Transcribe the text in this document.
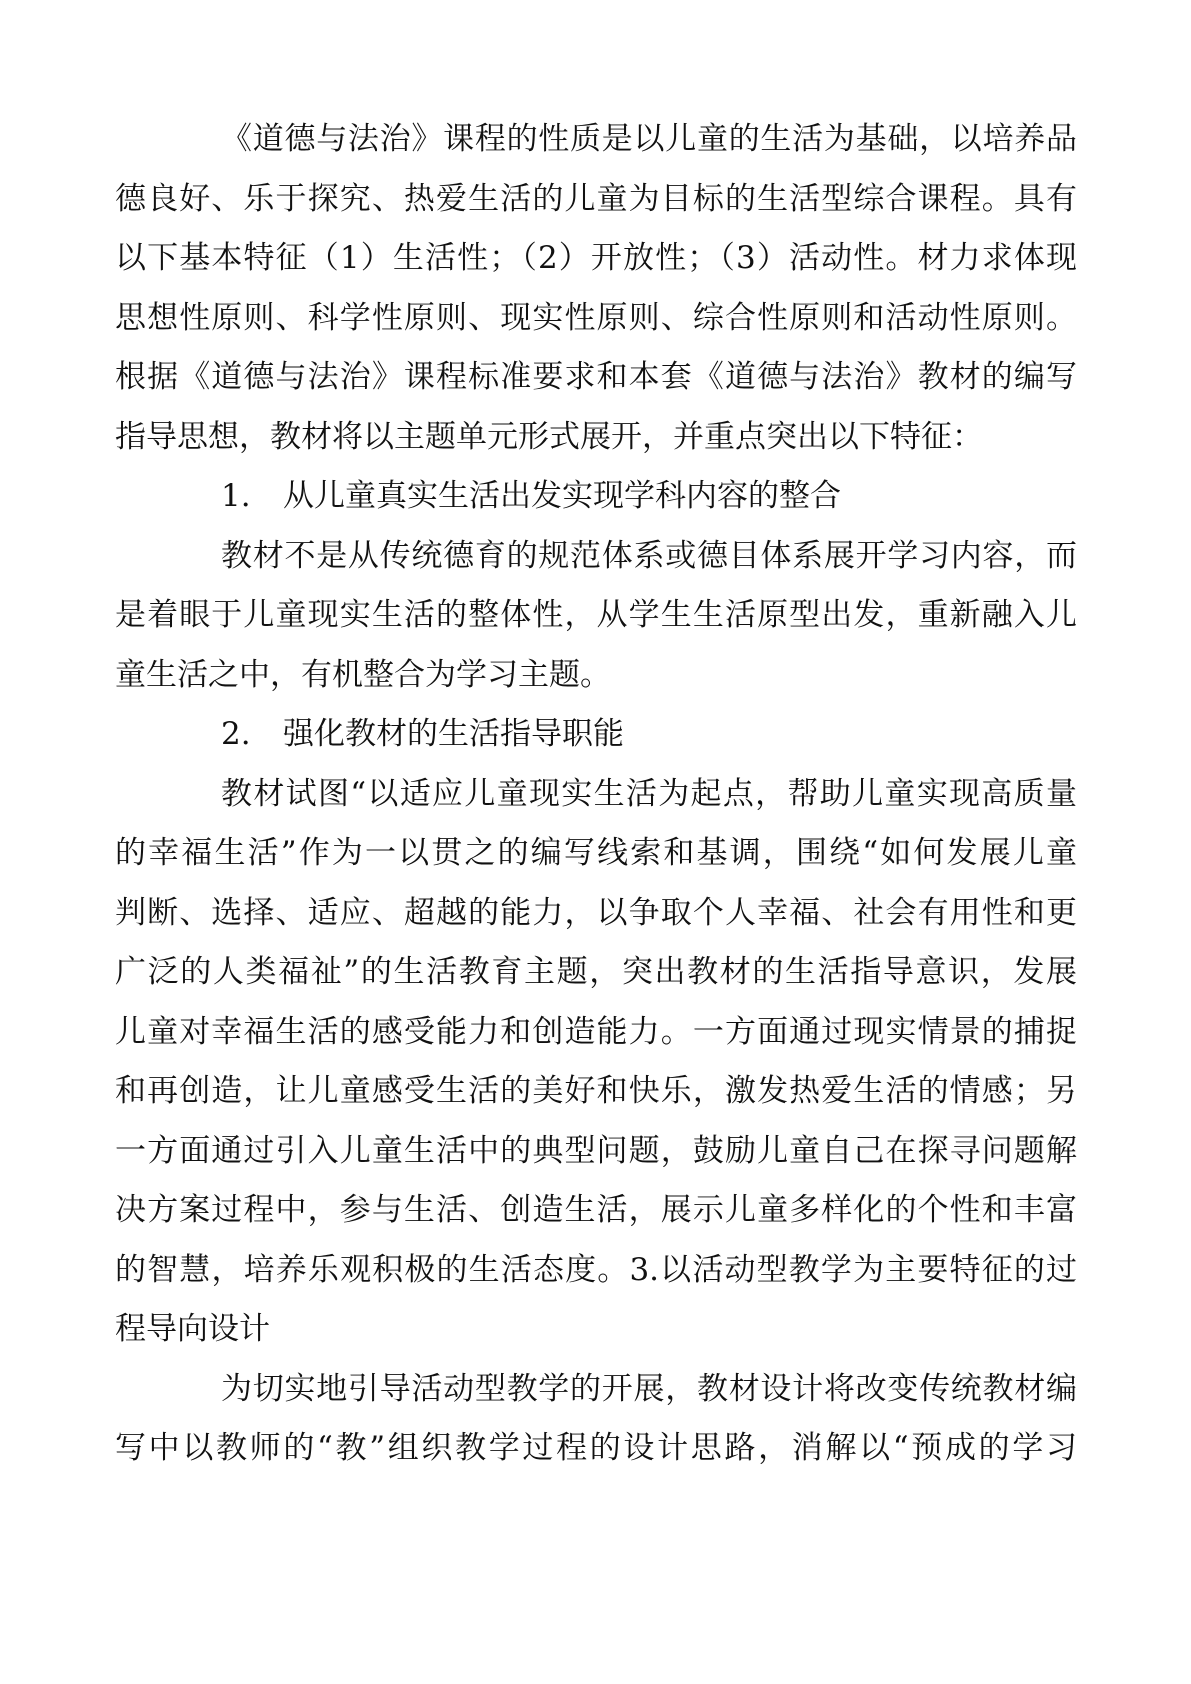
《道德与法治》课程的性质是以儿童的生活为基础，以培养品
德良好、乐于探究、热爱生活的儿童为目标的生活型综合课程。具有
以下基本特征（1）生活性；（2）开放性；（3）活动性。材力求体现
思想性原则、科学性原则、现实性原则、综合性原则和活动性原则。
根据《道德与法治》课程标准要求和本套《道德与法治》教材的编写
指导思想，教材将以主题单元形式展开，并重点突出以下特征：
1. 从儿童真实生活出发实现学科内容的整合
教材不是从传统德育的规范体系或德目体系展开学习内容，而
是着眼于儿童现实生活的整体性，从学生生活原型出发，重新融入儿
童生活之中，有机整合为学习主题。
2. 强化教材的生活指导职能
教材试图“以适应儿童现实生活为起点，帮助儿童实现高质量
的幸福生活”作为一以贯之的编写线索和基调，围绕“如何发展儿童
判断、选择、适应、超越的能力，以争取个人幸福、社会有用性和更
广泛的人类福祉”的生活教育主题，突出教材的生活指导意识，发展
儿童对幸福生活的感受能力和创造能力。一方面通过现实情景的捕捉
和再创造，让儿童感受生活的美好和快乐，激发热爱生活的情感；另
一方面通过引入儿童生活中的典型问题，鼓励儿童自己在探寻问题解
决方案过程中，参与生活、创造生活，展示儿童多样化的个性和丰富
的智慧，培养乐观积极的生活态度。3.以活动型教学为主要特征的过
程导向设计
为切实地引导活动型教学的开展，教材设计将改变传统教材编
写中以教师的“教”组织教学过程的设计思路，消解以“预成的学习
